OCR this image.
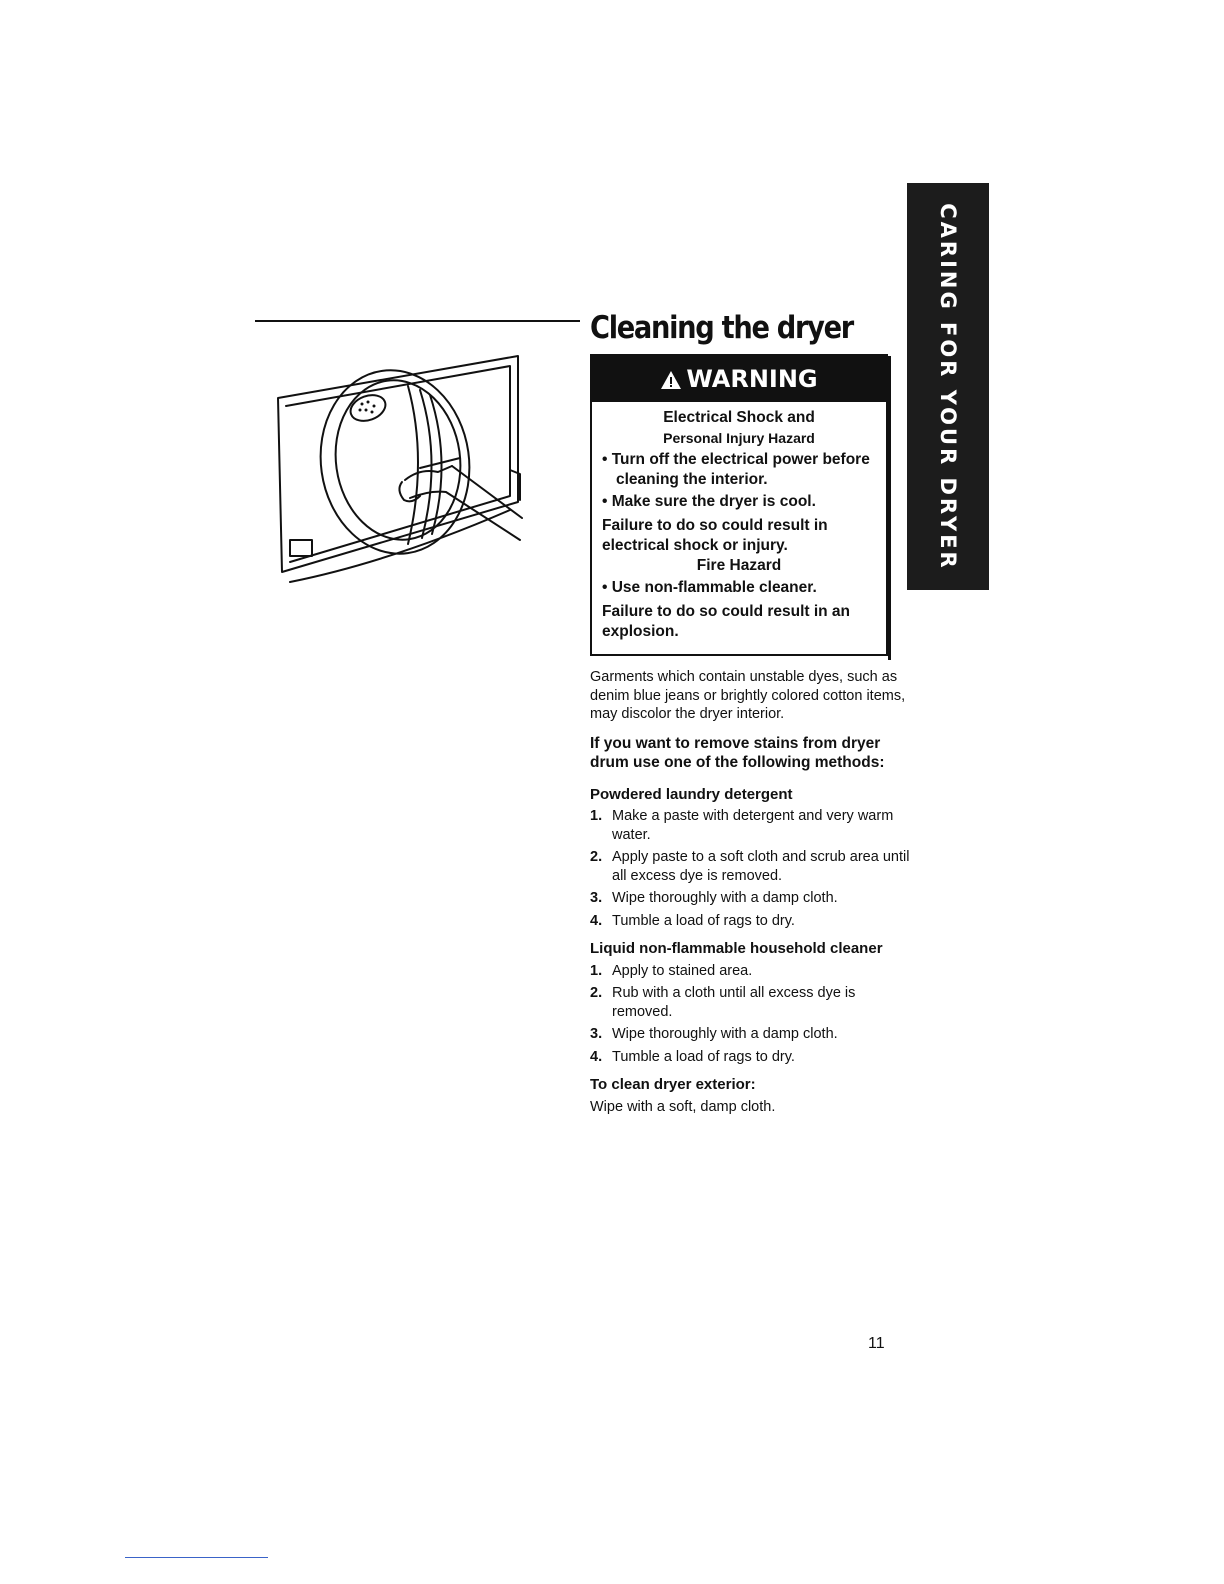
CARING FOR YOUR DRYER
Cleaning the dryer
WARNING
Electrical Shock and
Personal Injury Hazard
• Turn off the electrical power before cleaning the interior.
• Make sure the dryer is cool.
Failure to do so could result in electrical shock or injury.
Fire Hazard
• Use non-flammable cleaner.
Failure to do so could result in an explosion.

Garments which contain unstable dyes, such as denim blue jeans or brightly colored cotton items, may discolor the dryer interior.

If you want to remove stains from dryer drum use one of the following methods:

Powdered laundry detergent

1. Make a paste with detergent and very warm water.
2. Apply paste to a soft cloth and scrub area until all excess dye is removed.
3. Wipe thoroughly with a damp cloth.
4. Tumble a load of rags to dry.

Liquid non-flammable household cleaner

1. Apply to stained area.
2. Rub with a cloth until all excess dye is removed.
3. Wipe thoroughly with a damp cloth.
4. Tumble a load of rags to dry.

To clean dryer exterior:

Wipe with a soft, damp cloth.

11
